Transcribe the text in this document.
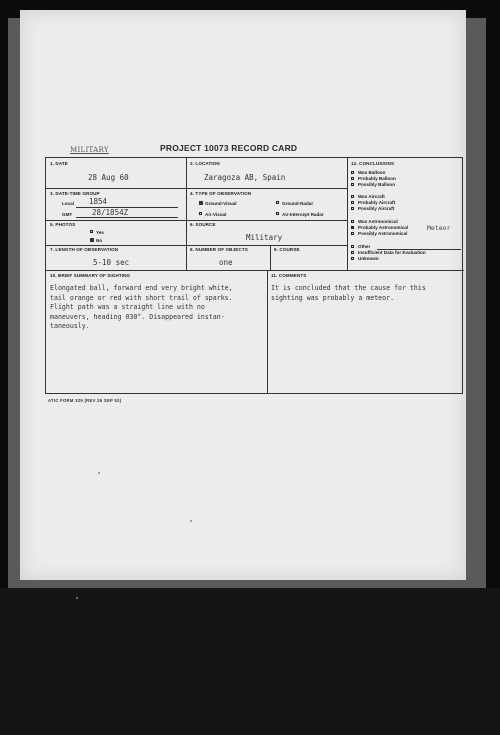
MILITARY	PROJECT 10073 RECORD CARD
1. DATE
28 Aug 60
2. LOCATION
Zaragoza AB, Spain
3. DATE-TIME GROUP
Local 1854
GMT	28/1854Z
4. TYPE OF OBSERVATION
Ground-Visual	Ground-Radar
Air-Visual	Air-Intercept Radar
5. PHOTOS
Yes
No
6. SOURCE
Military
7. LENGTH OF OBSERVATION
5-10 sec
8. NUMBER OF OBJECTS
one
9. COURSE
10. BRIEF SUMMARY OF SIGHTING
Elongated ball, forward end very bright white,
tail orange or red with short trail of sparks.
Flight path was a straight line with no
maneuvers, heading 030°. Disappeared instan-
taneously.
11. COMMENTS
It is concluded that the cause for this
sighting was probably a meteor.
12. CONCLUSIONS
Was Balloon
Probably Balloon
Possibly Balloon
Was Aircraft
Probably Aircraft
Possibly Aircraft
Was Astronomical
Probably Astronomical
Possibly Astronomical
Meteor
Other
Insufficient Data for Evaluation
Unknown
ATIC FORM 329 (REV 26 SEP 52)
